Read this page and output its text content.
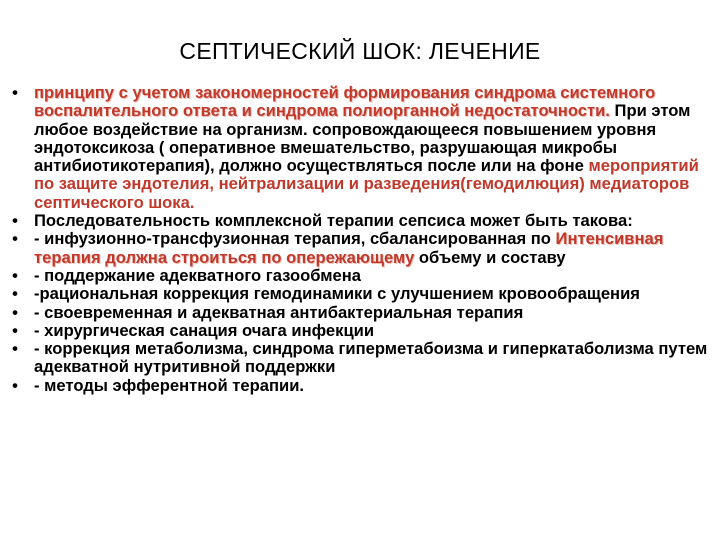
СЕПТИЧЕСКИЙ ШОК: ЛЕЧЕНИЕ
• принципу с учетом закономерностей формирования синдрома системного воспалительного ответа и синдрома полиорганной недостаточности. При этом любое воздействие на организм. сопровождающееся повышением уровня эндотоксикоза ( оперативное вмешательство, разрушающая микробы антибиотикотерапия), должно осуществляться после или на фоне мероприятий по защите эндотелия, нейтрализации и разведения(гемодилюция) медиаторов септического шока.
• Последовательность комплексной терапии сепсиса может быть такова:
• - инфузионно-трансфузионная терапия, сбалансированная по Интенсивная терапия должна строиться по опережающему объему и составу
• - поддержание адекватного газообмена
• -рациональная коррекция гемодинамики с улучшением кровообращения
• - своевременная и адекватная антибактериальная терапия
• - хирургическая санация очага инфекции
• - коррекция метаболизма, синдрома гиперметабоизма и гиперкатаболизма путем адекватной нутритивной поддержки
• - методы эфферентной терапии.
